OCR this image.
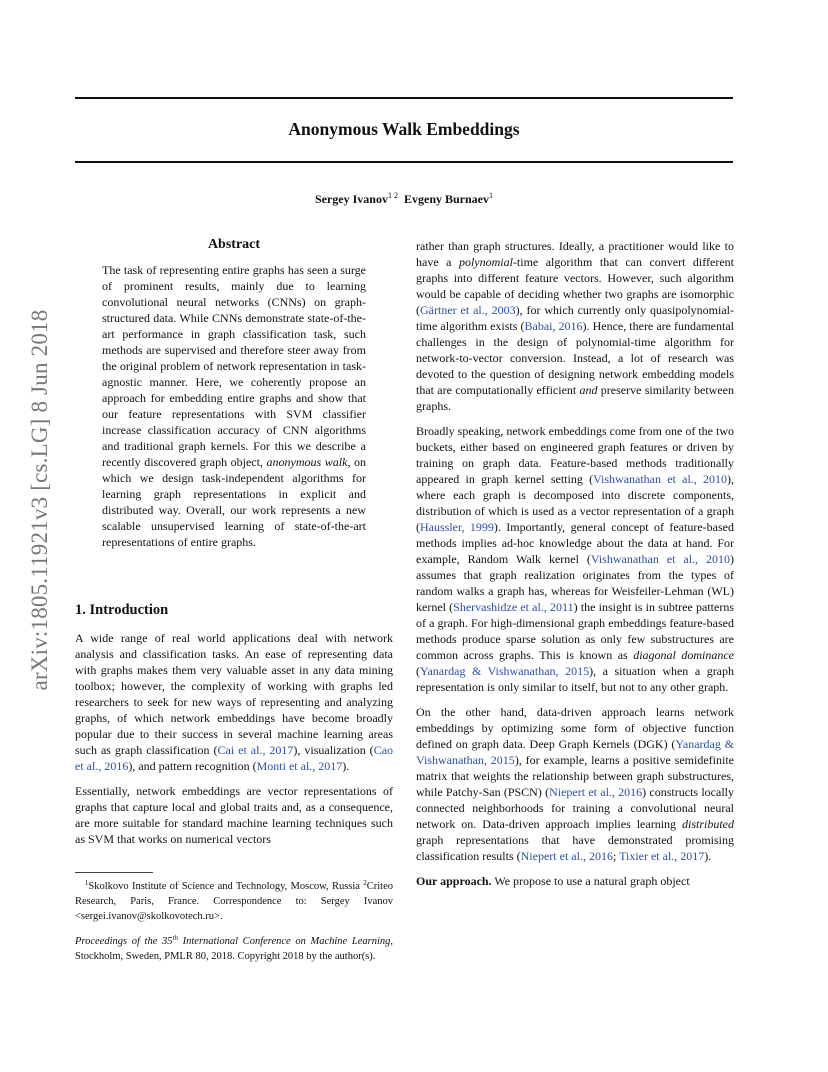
arXiv:1805.11921v3 [cs.LG] 8 Jun 2018
Anonymous Walk Embeddings
Sergey Ivanov$^{1 2}$ Evgeny Burnaev$^1$
Abstract

The task of representing entire graphs has seen a surge of prominent results, mainly due to learning convolutional neural networks (CNNs) on graph-structured data. While CNNs demonstrate state-of-the-art performance in graph classification task, such methods are supervised and therefore steer away from the original problem of network representation in task-agnostic manner. Here, we coherently propose an approach for embedding entire graphs and show that our feature representations with SVM classifier increase classification accuracy of CNN algorithms and traditional graph kernels. For this we describe a recently discovered graph object, anonymous walk, on which we design task-independent algorithms for learning graph representations in explicit and distributed way. Overall, our work represents a new scalable unsupervised learning of state-of-the-art representations of entire graphs.

1. Introduction

A wide range of real world applications deal with network analysis and classification tasks. An ease of representing data with graphs makes them very valuable asset in any data mining toolbox; however, the complexity of working with graphs led researchers to seek for new ways of representing and analyzing graphs, of which network embeddings have become broadly popular due to their success in several machine learning areas such as graph classification (Cai et al., 2017), visualization (Cao et al., 2016), and pattern recognition (Monti et al., 2017).

Essentially, network embeddings are vector representations of graphs that capture local and global traits and, as a consequence, are more suitable for standard machine learning techniques such as SVM that works on numerical vectors

$^1$Skolkovo Institute of Science and Technology, Moscow, Russia $^2$Criteo Research, Paris, France. Correspondence to: Sergey Ivanov <sergei.ivanov@skolkovotech.ru>.
Proceedings of the 35th International Conference on Machine Learning, Stockholm, Sweden, PMLR 80, 2018. Copyright 2018 by the author(s).

rather than graph structures. Ideally, a practitioner would like to have a polynomial-time algorithm that can convert different graphs into different feature vectors. However, such algorithm would be capable of deciding whether two graphs are isomorphic (Gärtner et al., 2003), for which currently only quasipolynomial-time algorithm exists (Babai, 2016). Hence, there are fundamental challenges in the design of polynomial-time algorithm for network-to-vector conversion. Instead, a lot of research was devoted to the question of designing network embedding models that are computationally efficient and preserve similarity between graphs.

Broadly speaking, network embeddings come from one of the two buckets, either based on engineered graph features or driven by training on graph data. Feature-based methods traditionally appeared in graph kernel setting (Vishwanathan et al., 2010), where each graph is decomposed into discrete components, distribution of which is used as a vector representation of a graph (Haussler, 1999). Importantly, general concept of feature-based methods implies ad-hoc knowledge about the data at hand. For example, Random Walk kernel (Vishwanathan et al., 2010) assumes that graph realization originates from the types of random walks a graph has, whereas for Weisfeiler-Lehman (WL) kernel (Shervashidze et al., 2011) the insight is in subtree patterns of a graph. For high-dimensional graph embeddings feature-based methods produce sparse solution as only few substructures are common across graphs. This is known as diagonal dominance (Yanardag & Vishwanathan, 2015), a situation when a graph representation is only similar to itself, but not to any other graph.

On the other hand, data-driven approach learns network embeddings by optimizing some form of objective function defined on graph data. Deep Graph Kernels (DGK) (Yanardag & Vishwanathan, 2015), for example, learns a positive semidefinite matrix that weights the relationship between graph substructures, while Patchy-San (PSCN) (Niepert et al., 2016) constructs locally connected neighborhoods for training a convolutional neural network on. Data-driven approach implies learning distributed graph representations that have demonstrated promising classification results (Niepert et al., 2016; Tixier et al., 2017).

Our approach. We propose to use a natural graph object
